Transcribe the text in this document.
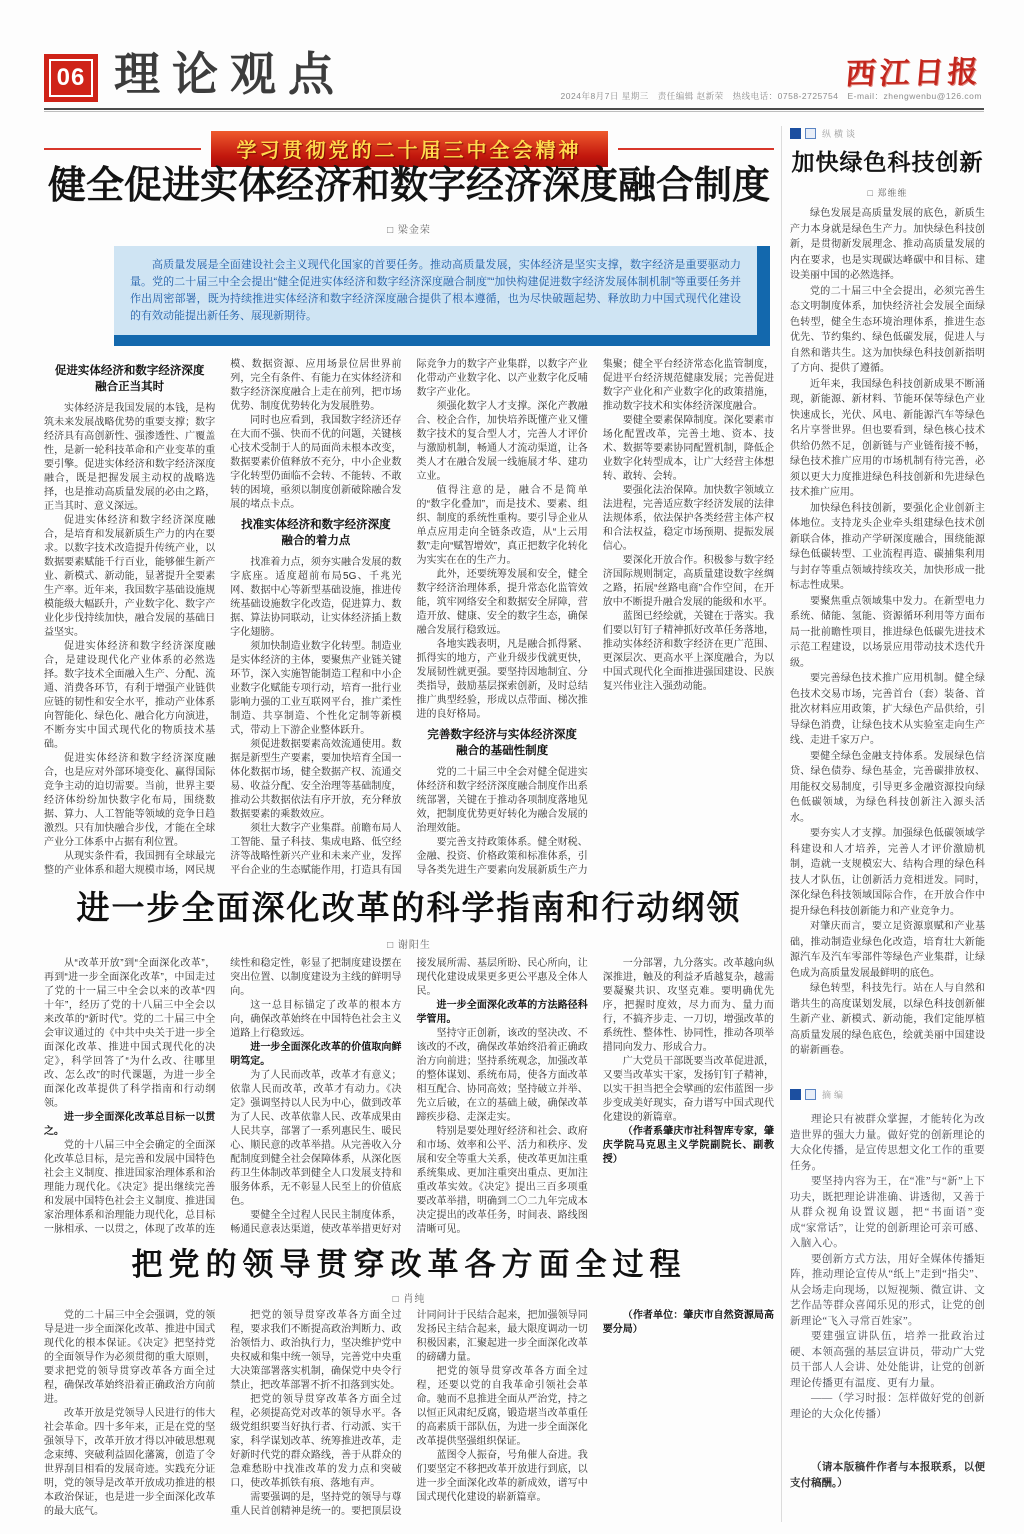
06 理论观点	西江日报
2024年8月7日 星期三　责任编辑 赵新荣　热线电话：0758-2725754　E-mail：zhengwenbu@126.com
学习贯彻党的二十届三中全会精神
健全促进实体经济和数字经济深度融合制度
□ 梁金荣

高质量发展是全面建设社会主义现代化国家的首要任务。推动高质量发展，实体经济是坚实支撑，数字经济是重要驱动力量。党的二十届三中全会提出“健全促进实体经济和数字经济深度融合制度”“加快构建促进数字经济发展体制机制”等重要任务并作出周密部署，既为持续推进实体经济和数字经济深度融合提供了根本遵循，也为尽快破题起势、释放助力中国式现代化建设的有效动能提出新任务、展现新期待。

促进实体经济和数字经济深度融合正当其时

实体经济是我国发展的本钱，是构筑未来发展战略优势的重要支撑；数字经济具有高创新性、强渗透性、广覆盖性，是新一轮科技革命和产业变革的重要引擎。促进实体经济和数字经济深度融合，既是把握发展主动权的战略选择，也是推动高质量发展的必由之路，正当其时、意义深远。

促进实体经济和数字经济深度融合，是培育和发展新质生产力的内在要求。以数字技术改造提升传统产业，以数据要素赋能千行百业，能够催生新产业、新模式、新动能，显著提升全要素生产率。近年来，我国数字基础设施规模能级大幅跃升，产业数字化、数字产业化步伐持续加快，融合发展的基础日益坚实。

促进实体经济和数字经济深度融合，是建设现代化产业体系的必然选择。数字技术全面融入生产、分配、流通、消费各环节，有利于增强产业链供应链的韧性和安全水平，推动产业体系向智能化、绿色化、融合化方向演进，不断夯实中国式现代化的物质技术基础。

促进实体经济和数字经济深度融合，也是应对外部环境变化、赢得国际竞争主动的迫切需要。当前，世界主要经济体纷纷加快数字化布局，围绕数据、算力、人工智能等领域的竞争日趋激烈。只有加快融合步伐，才能在全球产业分工体系中占据有利位置。

从现实条件看，我国拥有全球最完整的产业体系和超大规模市场，网民规模、数据资源、应用场景位居世界前列，完全有条件、有能力在实体经济和数字经济深度融合上走在前列，把市场优势、制度优势转化为发展胜势。

同时也应看到，我国数字经济还存在大而不强、快而不优的问题，关键核心技术受制于人的局面尚未根本改变，数据要素价值释放不充分，中小企业数字化转型仍面临不会转、不能转、不敢转的困境，亟须以制度创新破除融合发展的堵点卡点。

找准实体经济和数字经济深度融合的着力点

找准着力点，须夯实融合发展的数字底座。适度超前布局5G、千兆光网、数据中心等新型基础设施，推进传统基础设施数字化改造，促进算力、数据、算法协同联动，让实体经济插上数字化翅膀。

须加快制造业数字化转型。制造业是实体经济的主体，要聚焦产业链关键环节，深入实施智能制造工程和中小企业数字化赋能专项行动，培育一批行业影响力强的工业互联网平台，推广柔性制造、共享制造、个性化定制等新模式，带动上下游企业整体跃升。

须促进数据要素高效流通使用。数据是新型生产要素，要加快培育全国一体化数据市场，健全数据产权、流通交易、收益分配、安全治理等基础制度，推动公共数据依法有序开放，充分释放数据要素的乘数效应。

须壮大数字产业集群。前瞻布局人工智能、量子科技、集成电路、低空经济等战略性新兴产业和未来产业，发挥平台企业的生态赋能作用，打造具有国际竞争力的数字产业集群，以数字产业化带动产业数字化、以产业数字化反哺数字产业化。

须强化数字人才支撑。深化产教融合、校企合作，加快培养既懂产业又懂数字技术的复合型人才，完善人才评价与激励机制，畅通人才流动渠道，让各类人才在融合发展一线施展才华、建功立业。

值得注意的是，融合不是简单的“数字化叠加”，而是技术、要素、组织、制度的系统性重构。要引导企业从单点应用走向全链条改造，从“上云用数”走向“赋智增效”，真正把数字化转化为实实在在的生产力。

此外，还要统筹发展和安全，健全数字经济治理体系，提升常态化监管效能，筑牢网络安全和数据安全屏障，营造开放、健康、安全的数字生态，确保融合发展行稳致远。

各地实践表明，凡是融合抓得紧、抓得实的地方，产业升级步伐就更快，发展韧性就更强。要坚持因地制宜、分类指导，鼓励基层探索创新，及时总结推广典型经验，形成以点带面、梯次推进的良好格局。

完善数字经济与实体经济深度融合的基础性制度

党的二十届三中全会对健全促进实体经济和数字经济深度融合制度作出系统部署，关键在于推动各项制度落地见效，把制度优势更好转化为融合发展的治理效能。

要完善支持政策体系。健全财税、金融、投资、价格政策和标准体系，引导各类先进生产要素向发展新质生产力集聚；健全平台经济常态化监管制度，促进平台经济规范健康发展；完善促进数字产业化和产业数字化的政策措施，推动数字技术和实体经济深度融合。

要健全要素保障制度。深化要素市场化配置改革，完善土地、资本、技术、数据等要素协同配置机制，降低企业数字化转型成本，让广大经营主体想转、敢转、会转。

要强化法治保障。加快数字领域立法进程，完善适应数字经济发展的法律法规体系，依法保护各类经营主体产权和合法权益，稳定市场预期、提振发展信心。

要深化开放合作。积极参与数字经济国际规则制定，高质量建设数字丝绸之路，拓展“丝路电商”合作空间，在开放中不断提升融合发展的能级和水平。

蓝图已经绘就，关键在于落实。我们要以钉钉子精神抓好改革任务落地，推动实体经济和数字经济在更广范围、更深层次、更高水平上深度融合，为以中国式现代化全面推进强国建设、民族复兴伟业注入强劲动能。

进一步全面深化改革的科学指南和行动纲领
□ 谢阳生

从“改革开放”到“全面深化改革”，再到“进一步全面深化改革”，中国走过了党的十一届三中全会以来的改革“四十年”，经历了党的十八届三中全会以来改革的“新时代”。党的二十届三中全会审议通过的《中共中央关于进一步全面深化改革、推进中国式现代化的决定》，科学回答了“为什么改、往哪里改、怎么改”的时代课题，为进一步全面深化改革提供了科学指南和行动纲领。

进一步全面深化改革总目标一以贯之。

党的十八届三中全会确定的全面深化改革总目标，是完善和发展中国特色社会主义制度、推进国家治理体系和治理能力现代化。《决定》提出继续完善和发展中国特色社会主义制度、推进国家治理体系和治理能力现代化，总目标一脉相承、一以贯之，体现了改革的连续性和稳定性，彰显了把制度建设摆在突出位置、以制度建设为主线的鲜明导向。

这一总目标锚定了改革的根本方向，确保改革始终在中国特色社会主义道路上行稳致远。

进一步全面深化改革的价值取向鲜明笃定。

为了人民而改革，改革才有意义；依靠人民而改革，改革才有动力。《决定》强调坚持以人民为中心，做到改革为了人民、改革依靠人民、改革成果由人民共享，部署了一系列惠民生、暖民心、顺民意的改革举措。从完善收入分配制度到健全社会保障体系，从深化医药卫生体制改革到健全人口发展支持和服务体系，无不彰显人民至上的价值底色。

要健全全过程人民民主制度体系，畅通民意表达渠道，使改革举措更好对接发展所需、基层所盼、民心所向，让现代化建设成果更多更公平惠及全体人民。

进一步全面深化改革的方法路径科学管用。

坚持守正创新，该改的坚决改、不该改的不改，确保改革始终沿着正确政治方向前进；坚持系统观念，加强改革的整体谋划、系统布局，使各方面改革相互配合、协同高效；坚持破立并举、先立后破，在立的基础上破，确保改革蹄疾步稳、走深走实。

特别是要处理好经济和社会、政府和市场、效率和公平、活力和秩序、发展和安全等重大关系，使改革更加注重系统集成、更加注重突出重点、更加注重改革实效。《决定》提出三百多项重要改革举措，明确到二〇二九年完成本决定提出的改革任务，时间表、路线图清晰可见。

一分部署，九分落实。改革越向纵深推进，触及的利益矛盾越复杂，越需要凝聚共识、攻坚克难。要明确优先序，把握时度效，尽力而为、量力而行，不搞齐步走、一刀切，增强改革的系统性、整体性、协同性，推动各项举措同向发力、形成合力。

广大党员干部既要当改革促进派，又要当改革实干家，发扬钉钉子精神，以实干担当把全会擘画的宏伟蓝图一步步变成美好现实，奋力谱写中国式现代化建设的新篇章。

（作者系肇庆市社科智库专家，肇庆学院马克思主义学院副院长、副教授）

把党的领导贯穿改革各方面全过程
□ 肖纯

党的二十届三中全会强调，党的领导是进一步全面深化改革、推进中国式现代化的根本保证。《决定》把坚持党的全面领导作为必须贯彻的重大原则，要求把党的领导贯穿改革各方面全过程，确保改革始终沿着正确政治方向前进。

改革开放是党领导人民进行的伟大社会革命。四十多年来，正是在党的坚强领导下，改革开放才得以冲破思想观念束缚、突破利益固化藩篱，创造了令世界刮目相看的发展奇迹。实践充分证明，党的领导是改革开放成功推进的根本政治保证，也是进一步全面深化改革的最大底气。

把党的领导贯穿改革各方面全过程，要求我们不断提高政治判断力、政治领悟力、政治执行力，坚决维护党中央权威和集中统一领导，完善党中央重大决策部署落实机制，确保党中央令行禁止，把改革部署不折不扣落到实处。

把党的领导贯穿改革各方面全过程，必须提高党对改革的领导水平。各级党组织要当好执行者、行动派、实干家，科学谋划改革、统筹推进改革，走好新时代党的群众路线，善于从群众的急难愁盼中找准改革的发力点和突破口，使改革抓铁有痕、落地有声。

需要强调的是，坚持党的领导与尊重人民首创精神是统一的。要把顶层设计同问计于民结合起来，把加强领导同发扬民主结合起来，最大限度调动一切积极因素，汇聚起进一步全面深化改革的磅礴力量。

把党的领导贯穿改革各方面全过程，还要以党的自我革命引领社会革命。驰而不息推进全面从严治党，持之以恒正风肃纪反腐，锻造堪当改革重任的高素质干部队伍，为进一步全面深化改革提供坚强组织保证。

蓝图令人振奋，号角催人奋进。我们要坚定不移把改革开放进行到底，以进一步全面深化改革的新成效，谱写中国式现代化建设的崭新篇章。

（作者单位：肇庆市自然资源局高要分局）

纵横谈
加快绿色科技创新
□ 郑维维

绿色发展是高质量发展的底色，新质生产力本身就是绿色生产力。加快绿色科技创新，是贯彻新发展理念、推动高质量发展的内在要求，也是实现碳达峰碳中和目标、建设美丽中国的必然选择。

党的二十届三中全会提出，必须完善生态文明制度体系，加快经济社会发展全面绿色转型，健全生态环境治理体系，推进生态优先、节约集约、绿色低碳发展，促进人与自然和谐共生。这为加快绿色科技创新指明了方向、提供了遵循。

近年来，我国绿色科技创新成果不断涌现，新能源、新材料、节能环保等绿色产业快速成长，光伏、风电、新能源汽车等绿色名片享誉世界。但也要看到，绿色核心技术供给仍然不足，创新链与产业链衔接不畅，绿色技术推广应用的市场机制有待完善，必须以更大力度推进绿色科技创新和先进绿色技术推广应用。

加快绿色科技创新，要强化企业创新主体地位。支持龙头企业牵头组建绿色技术创新联合体，推动产学研深度融合，围绕能源绿色低碳转型、工业流程再造、碳捕集利用与封存等重点领域持续攻关，加快形成一批标志性成果。

要聚焦重点领域集中发力。在新型电力系统、储能、氢能、资源循环利用等方面布局一批前瞻性项目，推进绿色低碳先进技术示范工程建设，以场景应用带动技术迭代升级。

要完善绿色技术推广应用机制。健全绿色技术交易市场，完善首台（套）装备、首批次材料应用政策，扩大绿色产品供给，引导绿色消费，让绿色技术从实验室走向生产线、走进千家万户。

要健全绿色金融支持体系。发展绿色信贷、绿色债券、绿色基金，完善碳排放权、用能权交易制度，引导更多金融资源投向绿色低碳领域，为绿色科技创新注入源头活水。

要夯实人才支撑。加强绿色低碳领域学科建设和人才培养，完善人才评价激励机制，造就一支规模宏大、结构合理的绿色科技人才队伍，让创新活力竞相迸发。同时，深化绿色科技领域国际合作，在开放合作中提升绿色科技创新能力和产业竞争力。

对肇庆而言，要立足资源禀赋和产业基础，推动制造业绿色化改造，培育壮大新能源汽车及汽车零部件等绿色产业集群，让绿色成为高质量发展最鲜明的底色。

绿色转型，科技先行。站在人与自然和谐共生的高度谋划发展，以绿色科技创新催生新产业、新模式、新动能，我们定能厚植高质量发展的绿色底色，绘就美丽中国建设的崭新画卷。

摘编

理论只有被群众掌握，才能转化为改造世界的强大力量。做好党的创新理论的大众化传播，是宣传思想文化工作的重要任务。

要坚持内容为王，在“准”与“新”上下功夫，既把理论讲准确、讲透彻，又善于从群众视角设置议题，把“书面语”变成“家常话”，让党的创新理论可亲可感、入脑入心。

要创新方式方法，用好全媒体传播矩阵，推动理论宣传从“纸上”走到“指尖”、从会场走向现场，以短视频、微宣讲、文艺作品等群众喜闻乐见的形式，让党的创新理论“飞入寻常百姓家”。

要建强宣讲队伍，培养一批政治过硬、本领高强的基层宣讲员，带动广大党员干部人人会讲、处处能讲，让党的创新理论传播更有温度、更有力量。

——（学习时报：怎样做好党的创新理论的大众化传播）

（请本版稿件作者与本报联系，以便支付稿酬。）
